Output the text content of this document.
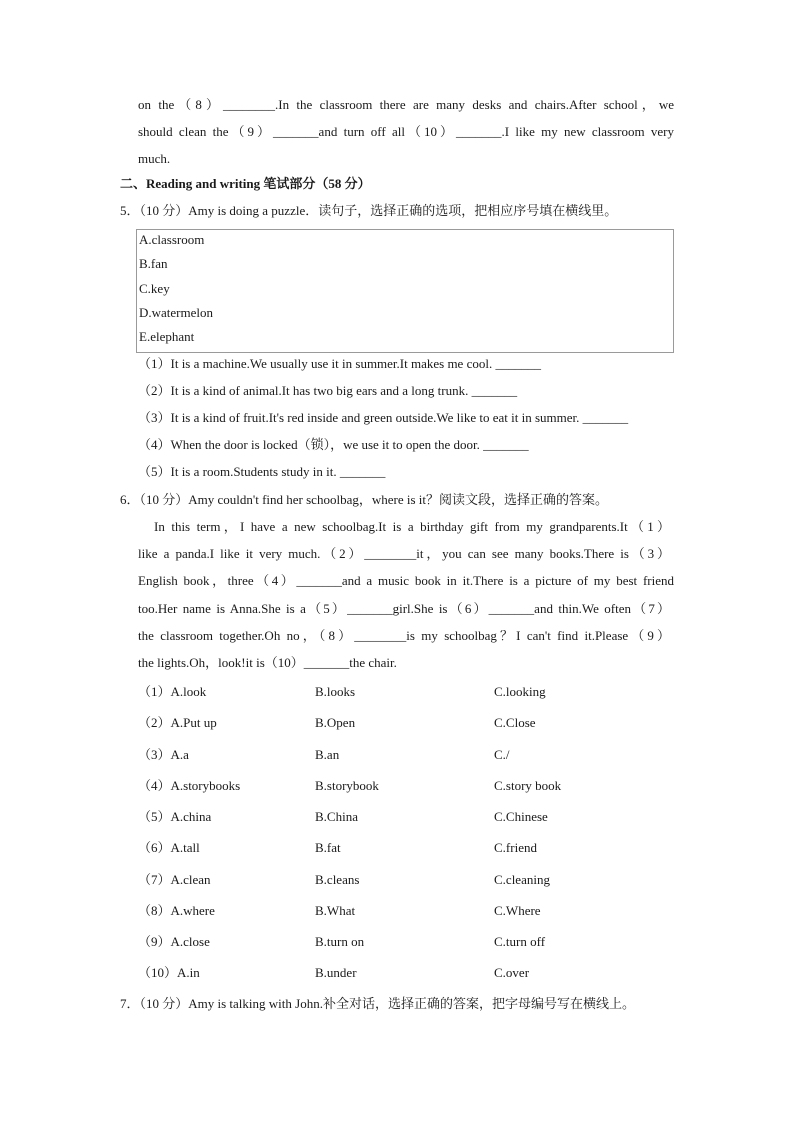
on the（8）________.In the classroom there are many desks and chairs.After school，we
should clean the（9）_______and turn off all（10）_______.I like my new classroom very
much.
二、Reading and writing 笔试部分（58 分）
5．（10 分）Amy is doing a puzzle．读句子，选择正确的选项，把相应序号填在横线里。
A.classroom
B.fan
C.key
D.watermelon
E.elephant
（1）It is a machine.We usually use it in summer.It makes me cool. _______
（2）It is a kind of animal.It has two big ears and a long trunk. _______
（3）It is a kind of fruit.It's red inside and green outside.We like to eat it in summer. _______
（4）When the door is locked（锁），we use it to open the door. _______
（5）It is a room.Students study in it. _______
6．（10 分）Amy couldn't find her schoolbag，where is it？阅读文段，选择正确的答案。
In this term，I have a new schoolbag.It is a birthday gift from my grandparents.It（1）
like a panda.I like it very much.（2）________it，you can see many books.There is（3）
English book，three（4）_______and a music book in it.There is a picture of my best friend
too.Her name is Anna.She is a（5）_______girl.She is（6）_______and thin.We often（7）
the classroom together.Oh no，（8）________is my schoolbag？I can't find it.Please（9）
the lights.Oh，look!it is（10）_______the chair.
（1）A.look	B.looks	C.looking
（2）A.Put up	B.Open	C.Close
（3）A.a	B.an	C./
（4）A.storybooks	B.storybook	C.story book
（5）A.china	B.China	C.Chinese
（6）A.tall	B.fat	C.friend
（7）A.clean	B.cleans	C.cleaning
（8）A.where	B.What	C.Where
（9）A.close	B.turn on	C.turn off
（10）A.in	B.under	C.over
7．（10 分）Amy is talking with John.补全对话，选择正确的答案，把字母编号写在横线上。
